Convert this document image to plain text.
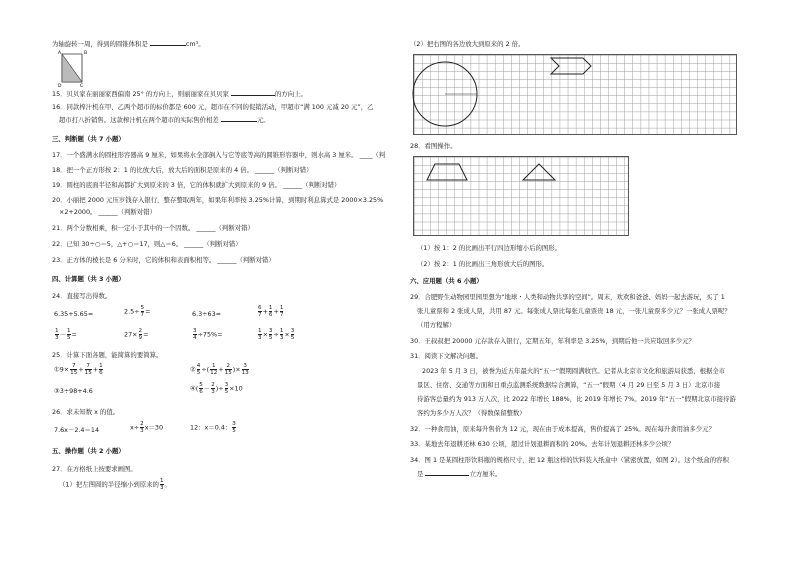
为轴旋转一周，得到的圆锥体积是	cm³。
A	B
D	C
15．贝贝家在丽丽家西偏南 25° 的方向上，则丽丽家在贝贝家	的方向上。
16．同款榨汁机在甲、乙两个超市的标价都是 600 元，超市在不同的促销活动，甲超市“满 100 元减 20 元”，乙
超市打八折销售。这款榨汁机在两个超市的实际售价相差	元。
三、判断题（共 7 小题）
17．一个盛满水的圆柱形容器高 9 厘米，如果将水全部倒入与它等底等高的圆锥形容器中，则水高 3 厘米。 ____（判
18．把一个正方形按 2：1 的比放大后，放大后的面积是原来的 4 倍。 ______（判断对错）
19．圆柱的底面半径和高都扩大到原来的 3 倍，它的体积就扩大到原来的 9 倍。 ______（判断对错）
20．小丽把 2000 元压岁钱存入银行，整存整取两年，如果年利率按 3.25%计算，到期时利息算式是 2000×3.25%
×2+2000。 ______（判断对错）
21．两个分数相乘，积一定小于其中的一个因数。 ______（判断对错）
22．已知 30÷○＝5，△+○＝17，则△＝6。 ______（判断对错）
23．正方体的棱长是 6 分米时，它的体积和表面积相等。 ______（判断对错）
四、计算题（共 3 小题）
24．直接写出得数。
6.35+5.65=	$2.5\div \frac{5}{7}$ =	6.3÷63=	$\frac{6}{7} + \frac{1}{6} + \frac{1}{7}$
$\frac{1}{3} - \frac{1}{5}$ =	$27\times \frac{2}{9}$ =	$\frac{3}{4} \div 75\%=$	$\frac{1}{3} \times \frac{3}{5} \div \frac{1}{3} \times \frac{3}{5}$
25．计算下面各题，能简算的要简算。
①9× $\frac{7}{15} + \frac{7}{15} + \frac{1}{6}$	② $\frac{4}{5}$ ÷( $\frac{1}{12} + \frac{2}{15}$ )× $\frac{3}{13}$
③3÷98+4.6	④( $\frac{5}{6} - \frac{2}{3}$ )÷ $\frac{3}{5} \times 10$
26．求未知数 x 的值。
7.6x－2.4＝14	$x\div \frac{2}{3} x=30$	12：x＝0.4： $\frac{3}{5}$
五、操作题（共 2 小题）
27．在方格纸上按要求画图。
（1）把左图圆的半径缩小到原来的 $\frac{1}{3}$ 。
（2）把右图的各边放大到原来的 2 倍。
28．看图操作。
（1）按 1：2 的比画出平行四边形缩小后的图形。
（2）按 2：1 的比画出三角形放大后的图形。
六、应用题（共 6 小题）
29．合肥野生动物园里园里想为“地球・人类和动物共享的空间”。周末，欢欢和爸爸、妈妈一起去游玩，买了 1
张儿童票和 2 张成人票，共用 87 元。每张成人票比每张儿童票贵 18 元，一张儿童票多少元？一张成人票呢？
（用方程解）
30．王叔叔把 20000 元存款存入银行，定期五年，年利率是 3.25%，到期后他一共应取回多少元？
31．阅读下文解决问题。
2023 年 5 月 3 日，被誉为近五年最火的“五一”假期圆满收官。记者从北京市文化和旅游局获悉，根据全市
景区、住宿、交通等方面和日重点监测系统数据综合测算，“五一”假期（4 月 29 日至 5 月 3 日）北京市接
待游客总量约为 913 万人次，比 2022 年增长 188%，比 2019 年增长 7%。2019 年“五一”假期北京市接待游
客约为多少万人次？（得数保留整数）
32．一种食用油，原来每升售价为 12 元，现在由于成本提高，售价提高了 25%。现在每升食用油多少元？
33．某地去年退耕还林 630 公顷，超过计划退耕面积的 20%。去年计划退耕还林多少公顷？
34．图 1 是某圆柱形饮料瓶的规格尺寸，把 12 瓶这样的饮料装入纸盒中（紧密放置，如图 2）。这个纸盒的容积
是	立方厘米。
